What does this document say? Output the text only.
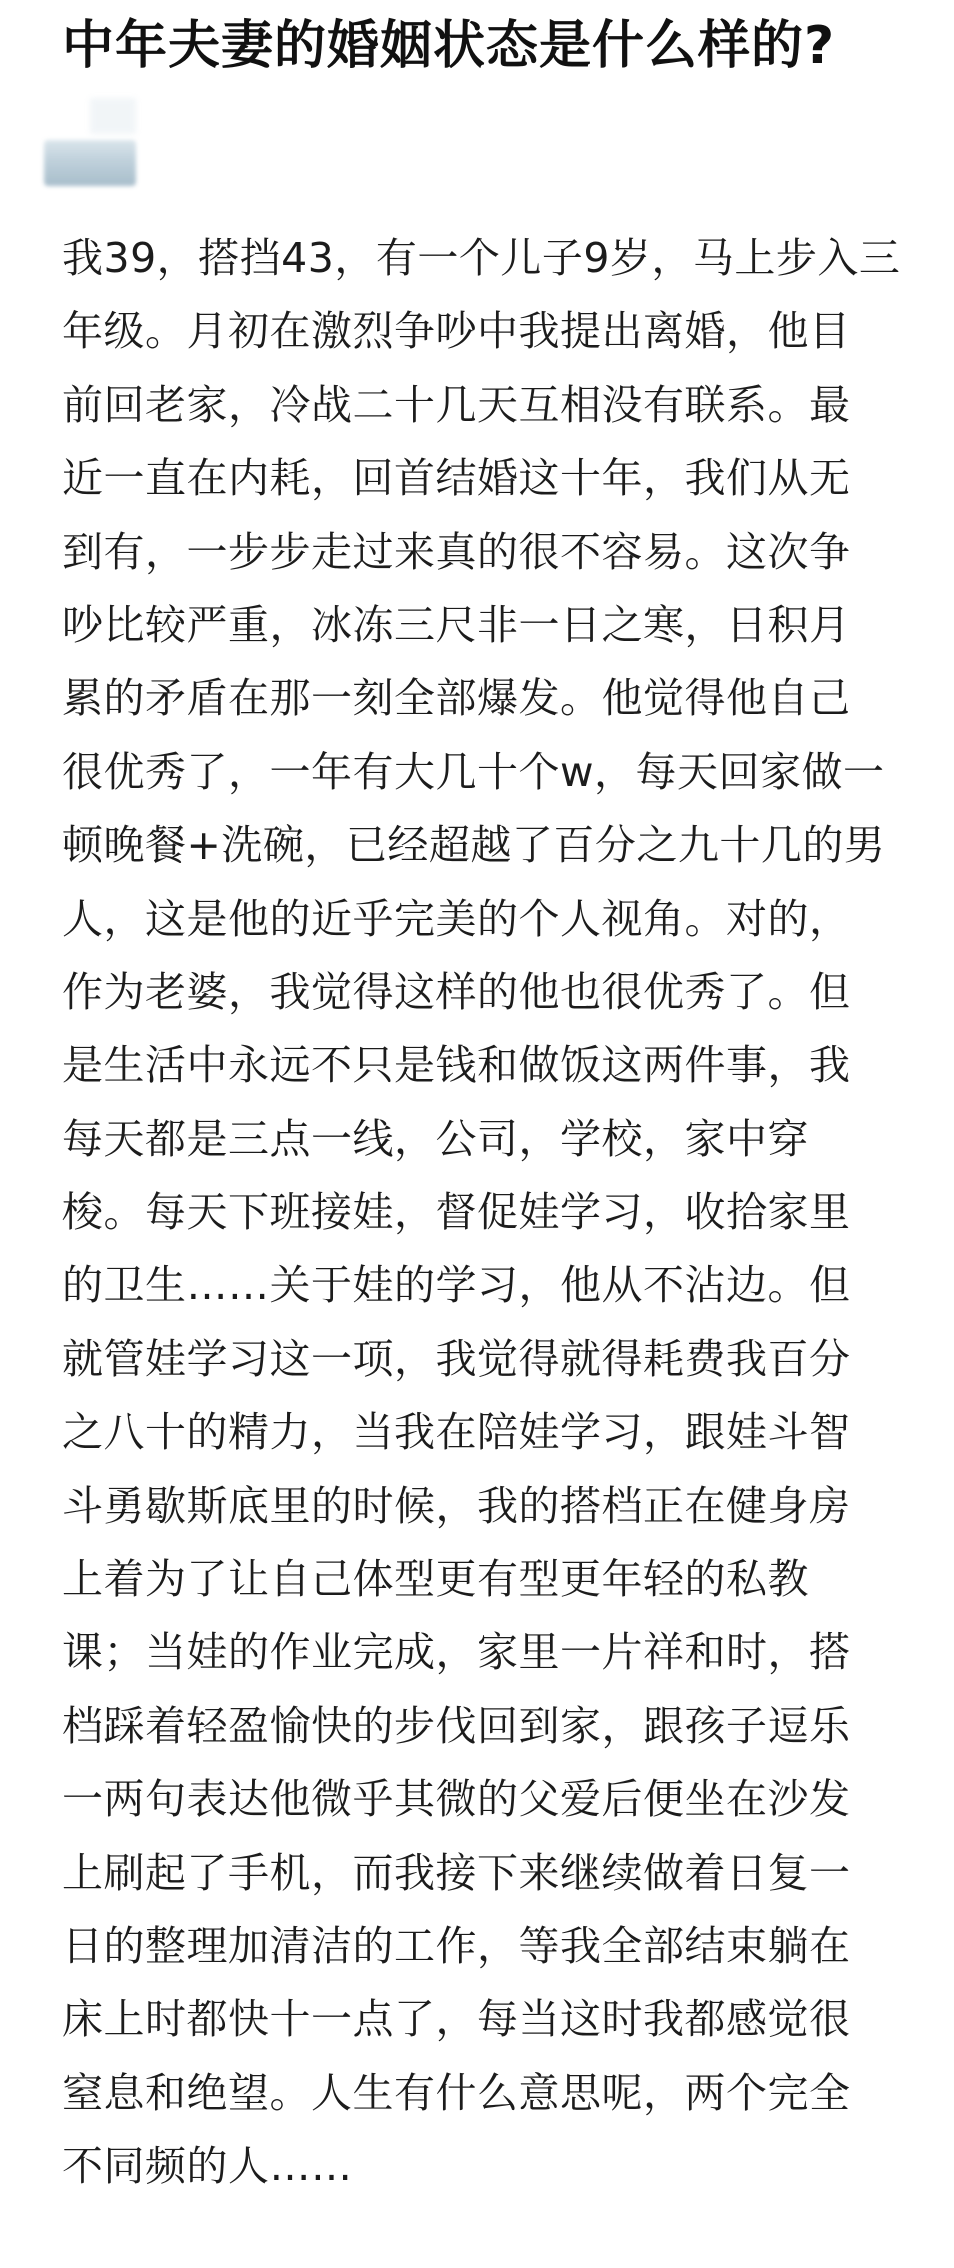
中年夫妻的婚姻状态是什么样的?
我39，搭挡43，有一个儿子9岁，马上步入三
年级。月初在激烈争吵中我提出离婚，他目
前回老家，冷战二十几天互相没有联系。最
近一直在内耗，回首结婚这十年，我们从无
到有，一步步走过来真的很不容易。这次争
吵比较严重，冰冻三尺非一日之寒，日积月
累的矛盾在那一刻全部爆发。他觉得他自己
很优秀了，一年有大几十个w，每天回家做一
顿晚餐+洗碗，已经超越了百分之九十几的男
人，这是他的近乎完美的个人视角。对的，
作为老婆，我觉得这样的他也很优秀了。但
是生活中永远不只是钱和做饭这两件事，我
每天都是三点一线，公司，学校，家中穿
梭。每天下班接娃，督促娃学习，收拾家里
的卫生……关于娃的学习，他从不沾边。但
就管娃学习这一项，我觉得就得耗费我百分
之八十的精力，当我在陪娃学习，跟娃斗智
斗勇歇斯底里的时候，我的搭档正在健身房
上着为了让自己体型更有型更年轻的私教
课；当娃的作业完成，家里一片祥和时，搭
档踩着轻盈愉快的步伐回到家，跟孩子逗乐
一两句表达他微乎其微的父爱后便坐在沙发
上刷起了手机，而我接下来继续做着日复一
日的整理加清洁的工作，等我全部结束躺在
床上时都快十一点了，每当这时我都感觉很
窒息和绝望。人生有什么意思呢，两个完全
不同频的人……
